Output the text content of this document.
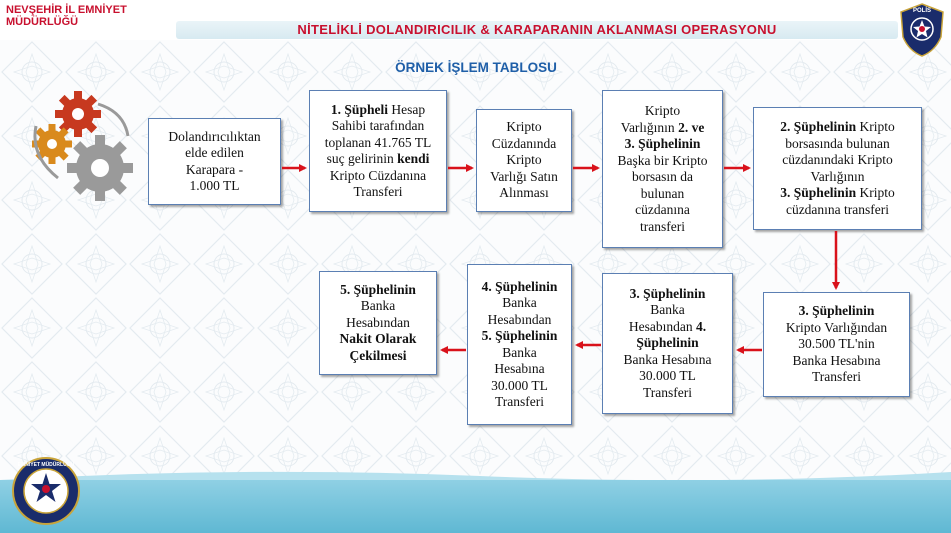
NEVŞEHİR İL EMNİYET
MÜDÜRLÜĞÜ	NİTELİKLİ DOLANDIRICILIK & KARAPARANIN AKLANMASI OPERASYONU
POLİS
ÖRNEK İŞLEM TABLOSU
Dolandırıcılıktan
elde edilen
Karapara -
1.000 TL
1. Şüpheli Hesap
Sahibi tarafından
toplanan 41.765 TL
suç gelirinin kendi
Kripto Cüzdanına
Transferi
Kripto
Cüzdanında
Kripto
Varlığı Satın
Alınması
Kripto
Varlığının 2. ve
3. Şüphelinin
Başka bir Kripto
borsasın da
bulunan
cüzdanına
transferi
2. Şüphelinin Kripto
borsasında bulunan
cüzdanındaki Kripto
Varlığının
3. Şüphelinin Kripto
cüzdanına transferi
3. Şüphelinin
Kripto Varlığından
30.500 TL'nin
Banka Hesabına
Transferi
3. Şüphelinin
Banka
Hesabından 4.
Şüphelinin
Banka Hesabına
30.000 TL
Transferi
4. Şüphelinin
Banka
Hesabından
5. Şüphelinin
Banka
Hesabına
30.000 TL
Transferi
5. Şüphelinin
Banka
Hesabından
Nakit Olarak
Çekilmesi
EMNİYET MÜDÜRLÜĞÜ
